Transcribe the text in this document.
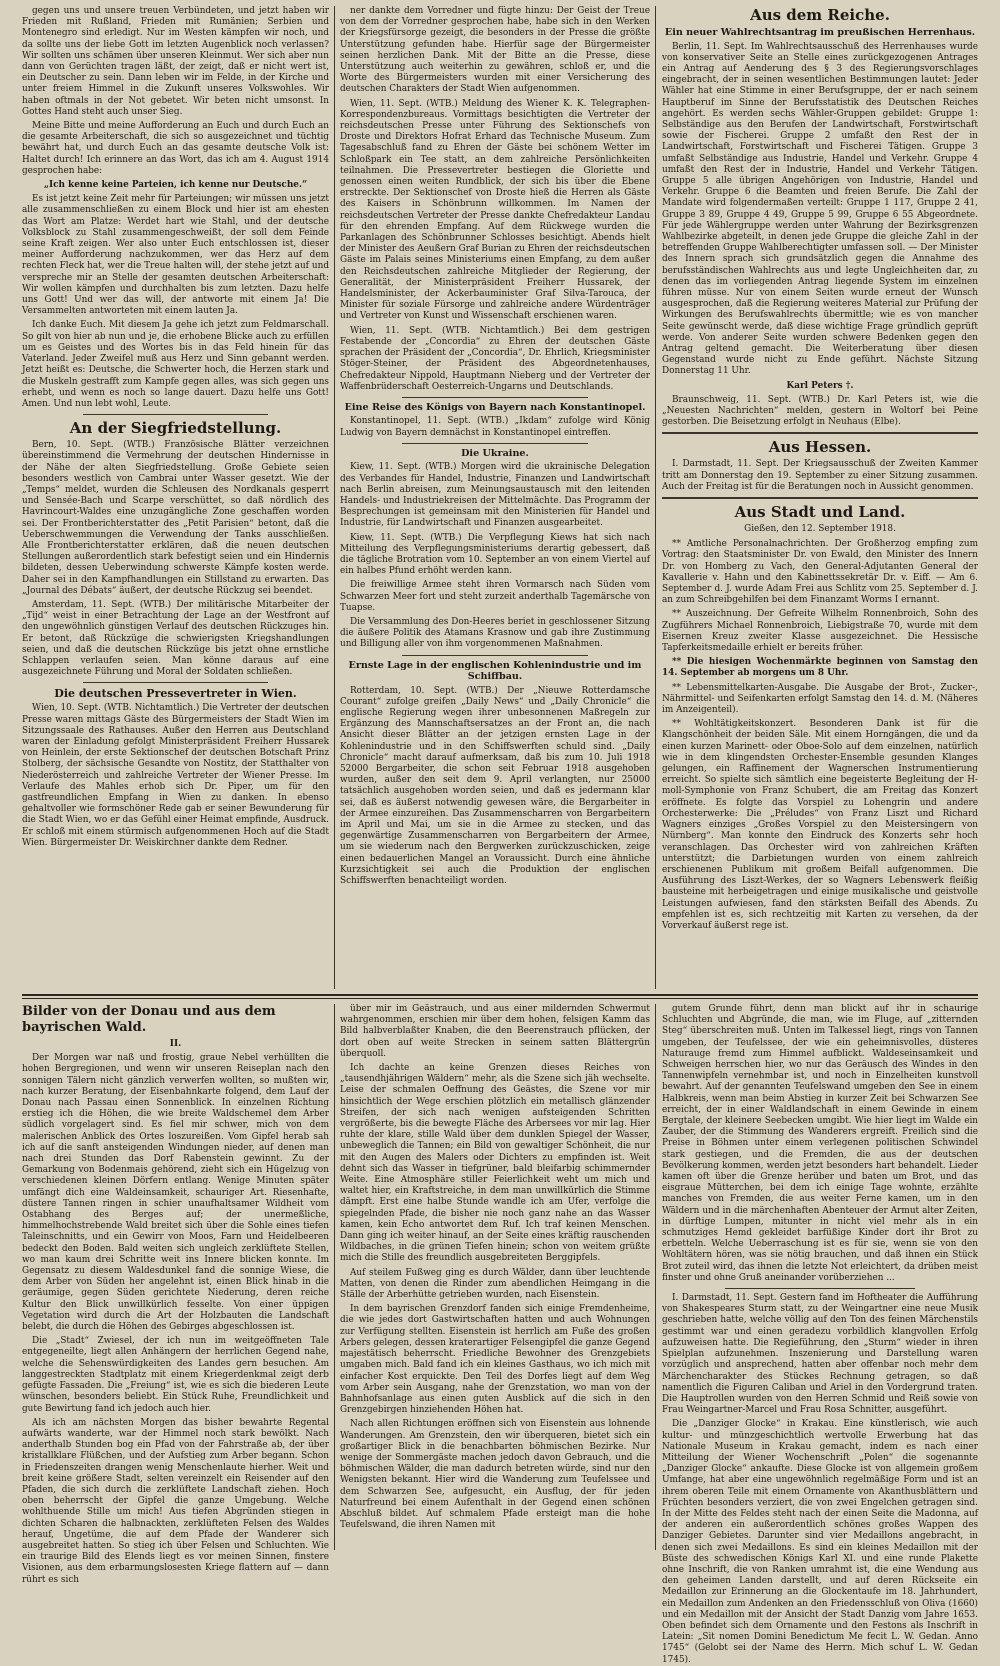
gegen uns und unsere treuen Verbündeten, und jetzt haben wir Frieden mit Rußland, Frieden mit Rumänien; Serbien und Montenegro sind erledigt. Nur im Westen kämpfen wir noch, und da sollte uns der liebe Gott im letzten Augenblick noch verlassen? Wir sollten uns schämen über unseren Kleinmut. Wer sich aber nun dann von Gerüchten tragen läßt, der zeigt, daß er nicht wert ist, ein Deutscher zu sein. Dann leben wir im Felde, in der Kirche und unter freiem Himmel in die Zukunft unseres Volkswohles. Wir haben oftmals in der Not gebetet. Wir beten nicht umsonst. In Gottes Hand steht auch unser Sieg.

Meine Bitte und meine Aufforderung an Euch und durch Euch an die gesamte Arbeiterschaft, die sich so ausgezeichnet und tüchtig bewährt hat, und durch Euch an das gesamte deutsche Volk ist: Haltet durch! Ich erinnere an das Wort, das ich am 4. August 1914 gesprochen habe:

„Ich kenne keine Parteien, ich kenne nur Deutsche.“

Es ist jetzt keine Zeit mehr für Parteiungen; wir müssen uns jetzt alle zusammenschließen zu einem Block und hier ist am ehesten das Wort am Platze: Werdet hart wie Stahl, und der deutsche Volksblock zu Stahl zusammengeschweißt, der soll dem Feinde seine Kraft zeigen. Wer also unter Euch entschlossen ist, dieser meiner Aufforderung nachzukommen, wer das Herz auf dem rechten Fleck hat, wer die Treue halten will, der stehe jetzt auf und verspreche mir an Stelle der gesamten deutschen Arbeiterschaft: Wir wollen kämpfen und durchhalten bis zum letzten. Dazu helfe uns Gott! Und wer das will, der antworte mit einem Ja! Die Versammelten antworteten mit einem lauten Ja.

Ich danke Euch. Mit diesem Ja gehe ich jetzt zum Feldmarschall. So gilt von hier ab nun und je, die erhobene Blicke auch zu erfüllen um es Geistes und des Wortes bis in das Feld hinein für das Vaterland. Jeder Zweifel muß aus Herz und Sinn gebannt werden. Jetzt heißt es: Deutsche, die Schwerter hoch, die Herzen stark und die Muskeln gestrafft zum Kampfe gegen alles, was sich gegen uns erhebt, und wenn es noch so lange dauert. Dazu helfe uns Gott! Amen. Und nun lebt wohl, Leute.

An der Siegfriedstellung.

Bern, 10. Sept. (WTB.) Französische Blätter verzeichnen übereinstimmend die Vermehrung der deutschen Hindernisse in der Nähe der alten Siegfriedstellung. Große Gebiete seien besonders westlich von Cambrai unter Wasser gesetzt. Wie der „Temps“ meldet, wurden die Schleusen des Nordkanals gesperrt und Sensée-Bach und Scarpe verschüttet, so daß nördlich des Havrincourt-Waldes eine unzugängliche Zone geschaffen worden sei. Der Frontberichterstatter des „Petit Parisien“ betont, daß die Ueberschwemmungen die Verwendung der Tanks ausschließen. Alle Frontberichterstatter erklären, daß die neuen deutschen Stellungen außerordentlich stark befestigt seien und ein Hindernis bildeten, dessen Ueberwindung schwerste Kämpfe kosten werde. Daher sei in den Kampfhandlungen ein Stillstand zu erwarten. Das „Journal des Débats“ äußert, der deutsche Rückzug sei beendet.

Amsterdam, 11. Sept. (WTB.) Der militärische Mitarbeiter der „Tijd“ weist in einer Betrachtung der Lage an der Westfront auf den ungewöhnlich günstigen Verlauf des deutschen Rückzuges hin. Er betont, daß Rückzüge die schwierigsten Kriegshandlungen seien, und daß die deutschen Rückzüge bis jetzt ohne ernstliche Schlappen verlaufen seien. Man könne daraus auf eine ausgezeichnete Führung und Moral der Soldaten schließen.

Die deutschen Pressevertreter in Wien.

Wien, 10. Sept. (WTB. Nichtamtlich.) Die Vertreter der deutschen Presse waren mittags Gäste des Bürgermeisters der Stadt Wien im Sitzungssaale des Rathauses. Außer den Herren aus Deutschland waren der Einladung gefolgt Ministerpräsident Freiherr Hussarek von Heinlein, der erste Sektionschef der deutschen Botschaft Prinz Stolberg, der sächsische Gesandte von Nostitz, der Statthalter von Niederösterreich und zahlreiche Vertreter der Wiener Presse. Im Verlaufe des Mahles erhob sich Dr. Piper, um für den gastfreundlichen Empfang in Wien zu danken. In ebenso gehaltvoller wie formschöner Rede gab er seiner Bewunderung für die Stadt Wien, wo er das Gefühl einer Heimat empfinde, Ausdruck. Er schloß mit einem stürmisch aufgenommenen Hoch auf die Stadt Wien. Bürgermeister Dr. Weiskirchner dankte dem Redner.

ner dankte dem Vorredner und fügte hinzu: Der Geist der Treue von dem der Vorredner gesprochen habe, habe sich in den Werken der Kriegsfürsorge gezeigt, die besonders in der Presse die größte Unterstützung gefunden habe. Hierfür sage der Bürgermeister seinen herzlichen Dank. Mit der Bitte an die Presse, diese Unterstützung auch weiterhin zu gewähren, schloß er, und die Worte des Bürgermeisters wurden mit einer Versicherung des deutschen Charakters der Stadt Wien aufgenommen.

Wien, 11. Sept. (WTB.) Meldung des Wiener K. K. Telegraphen-Korrespondenzbureaus. Vormittags besichtigten die Vertreter der reichsdeutschen Presse unter Führung des Sektionschefs von Droste und Direktors Hofrat Erhard das Technische Museum. Zum Tagesabschluß fand zu Ehren der Gäste bei schönem Wetter im Schloßpark ein Tee statt, an dem zahlreiche Persönlichkeiten teilnahmen. Die Pressevertreter bestiegen die Gloriette und genossen einen weiten Rundblick, der sich bis über die Ebene erstreckte. Der Sektionschef von Droste hieß die Herren als Gäste des Kaisers in Schönbrunn willkommen. Im Namen der reichsdeutschen Vertreter der Presse dankte Chefredakteur Landau für den ehrenden Empfang. Auf dem Rückwege wurden die Parkanlagen des Schönbrunner Schlosses besichtigt. Abends hielt der Minister des Aeußern Graf Burian zu Ehren der reichsdeutschen Gäste im Palais seines Ministeriums einen Empfang, zu dem außer den Reichsdeutschen zahlreiche Mitglieder der Regierung, der Generalität, der Ministerpräsident Freiherr Hussarek, der Handelsminister, der Ackerbauminister Graf Silva-Tarouca, der Minister für soziale Fürsorge und zahlreiche andere Würdenträger und Vertreter von Kunst und Wissenschaft erschienen waren.

Wien, 11. Sept. (WTB. Nichtamtlich.) Bei dem gestrigen Festabende der „Concordia“ zu Ehren der deutschen Gäste sprachen der Präsident der „Concordia“, Dr. Ehrlich, Kriegsminister Stöger-Steiner, der Präsident des Abgeordnetenhauses, Chefredakteur Nippold, Hauptmann Nieberg und der Vertreter der Waffenbrüderschaft Oesterreich-Ungarns und Deutschlands.

Eine Reise des Königs von Bayern nach Konstantinopel.

Konstantinopel, 11. Sept. (WTB.) „Ikdam“ zufolge wird König Ludwig von Bayern demnächst in Konstantinopel eintreffen.

Die Ukraine.

Kiew, 11. Sept. (WTB.) Morgen wird die ukrainische Delegation des Verbandes für Handel, Industrie, Finanzen und Landwirtschaft nach Berlin abreisen, zum Meinungsaustausch mit den leitenden Handels- und Industriekreisen der Mittelmächte. Das Programm der Besprechungen ist gemeinsam mit den Ministerien für Handel und Industrie, für Landwirtschaft und Finanzen ausgearbeitet.

Kiew, 11. Sept. (WTB.) Die Verpflegung Kiews hat sich nach Mitteilung des Verpflegungsministeriums derartig gebessert, daß die tägliche Brotration vom 10. September an von einem Viertel auf ein halbes Pfund erhöht werden kann.

Die freiwillige Armee steht ihren Vormarsch nach Süden vom Schwarzen Meer fort und steht zurzeit anderthalb Tagemärsche von Tuapse.

Die Versammlung des Don-Heeres beriet in geschlossener Sitzung die äußere Politik des Atamans Krasnow und gab ihre Zustimmung und Billigung aller von ihm vorgenommenen Maßnahmen.

Ernste Lage in der englischen Kohlenindustrie und im Schiffbau.

Rotterdam, 10. Sept. (WTB.) Der „Nieuwe Rotterdamsche Courant“ zufolge greifen „Daily News“ und „Daily Chronicle“ die englische Regierung wegen ihrer unbesonnenen Maßregeln zur Ergänzung des Mannschaftsersatzes an der Front an, die nach Ansicht dieser Blätter an der jetzigen ernsten Lage in der Kohlenindustrie und in den Schiffswerften schuld sind. „Daily Chronicle“ macht darauf aufmerksam, daß bis zum 10. Juli 1918 52000 Bergarbeiter, die schon seit Februar 1918 ausgehoben wurden, außer den seit dem 9. April verlangten, nur 25000 tatsächlich ausgehoben worden seien, und daß es jedermann klar sei, daß es äußerst notwendig gewesen wäre, die Bergarbeiter in der Armee einzureihen. Das Zusammenscharren von Bergarbeitern im April und Mai, um sie in die Armee zu stecken, und das gegenwärtige Zusammenscharren von Bergarbeitern der Armee, um sie wiederum nach den Bergwerken zurückzuschicken, zeige einen bedauerlichen Mangel an Voraussicht. Durch eine ähnliche Kurzsichtigkeit sei auch die Produktion der englischen Schiffswerften benachteiligt worden.

Aus dem Reiche.

Ein neuer Wahlrechtsantrag im preußischen Herrenhaus.

Berlin, 11. Sept. Im Wahlrechtsausschuß des Herrenhauses wurde von konservativer Seite an Stelle eines zurückgezogenen Antrages ein Antrag auf Aenderung des § 3 des Regierungsvorschlages eingebracht, der in seinen wesentlichen Bestimmungen lautet: Jeder Wähler hat eine Stimme in einer Berufsgruppe, der er nach seinem Hauptberuf im Sinne der Berufsstatistik des Deutschen Reiches angehört. Es werden sechs Wähler-Gruppen gebildet: Gruppe 1: Selbständige aus den Berufen der Landwirtschaft, Forstwirtschaft sowie der Fischerei. Gruppe 2 umfaßt den Rest der in Landwirtschaft, Forstwirtschaft und Fischerei Tätigen. Gruppe 3 umfaßt Selbständige aus Industrie, Handel und Verkehr. Gruppe 4 umfaßt den Rest der in Industrie, Handel und Verkehr Tätigen. Gruppe 5 alle übrigen Angehörigen von Industrie, Handel und Verkehr. Gruppe 6 die Beamten und freien Berufe. Die Zahl der Mandate wird folgendermaßen verteilt: Gruppe 1 117, Gruppe 2 41, Gruppe 3 89, Gruppe 4 49, Gruppe 5 99, Gruppe 6 55 Abgeordnete. Für jede Wählergruppe werden unter Wahrung der Bezirksgrenzen Wahlbezirke abgeteilt, in denen jede Gruppe die gleiche Zahl in der betreffenden Gruppe Wahlberechtigter umfassen soll. — Der Minister des Innern sprach sich grundsätzlich gegen die Annahme des berufsständischen Wahlrechts aus und legte Ungleichheiten dar, zu denen das im vorliegenden Antrag liegende System im einzelnen führen müsse. Nur von einem Seiten wurde erneut der Wunsch ausgesprochen, daß die Regierung weiteres Material zur Prüfung der Wirkungen des Berufswahlrechts übermittle; wie es von mancher Seite gewünscht werde, daß diese wichtige Frage gründlich geprüft werde. Von anderer Seite wurden schwere Bedenken gegen den Antrag geltend gemacht. Die Weiterberatung über diesen Gegenstand wurde nicht zu Ende geführt. Nächste Sitzung Donnerstag 11 Uhr.

Karl Peters †.

Braunschweig, 11. Sept. (WTB.) Dr. Karl Peters ist, wie die „Neuesten Nachrichten“ melden, gestern in Woltorf bei Peine gestorben. Die Beisetzung erfolgt in Neuhaus (Elbe).

Aus Hessen.

I. Darmstadt, 11. Sept. Der Kriegsausschuß der Zweiten Kammer tritt am Donnerstag den 19. September zu einer Sitzung zusammen. Auch der Freitag ist für die Beratungen noch in Aussicht genommen.

Aus Stadt und Land.

Gießen, den 12. September 1918.

** Amtliche Personalnachrichten. Der Großherzog empfing zum Vortrag: den Staatsminister Dr. von Ewald, den Minister des Innern Dr. von Homberg zu Vach, den General-Adjutanten General der Kavallerie v. Hahn und den Kabinettssekretär Dr. v. Eiff. — Am 6. September d. J. wurde Adam Frei aus Schlitz vom 25. September d. J. an zum Schreibgehilfen bei dem Finanzamt Worms I ernannt.

** Auszeichnung. Der Gefreite Wilhelm Ronnenbroich, Sohn des Zugführers Michael Ronnenbroich, Liebigstraße 70, wurde mit dem Eisernen Kreuz zweiter Klasse ausgezeichnet. Die Hessische Tapferkeitsmedaille erhielt er bereits früher.

** Die hiesigen Wochenmärkte beginnen von Samstag den 14. September ab morgens um 8 Uhr.

** Lebensmittelkarten-Ausgabe. Die Ausgabe der Brot-, Zucker-, Nährmittel- und Seifenkarten erfolgt Samstag den 14. d. M. (Näheres im Anzeigenteil).

** Wohltätigkeitskonzert. Besonderen Dank ist für die Klangschönheit der beiden Säle. Mit einem Horngängen, die und da einen kurzen Marinett- oder Oboe-Solo auf dem einzelnen, natürlich wie in dem klingendsten Orchester-Ensemble gesunden Klanges gelungen, ein Raffinement der Wagnerschen Instrumentierung erreicht. So spielte sich sämtlich eine begeisterte Begleitung der H-moll-Symphonie von Franz Schubert, die am Freitag das Konzert eröffnete. Es folgte das Vorspiel zu Lohengrin und andere Orchesterwerke: Die „Préludes“ von Franz Liszt und Richard Wagners einziges „Großes Vorspiel zu den Meistersingern von Nürnberg“. Man konnte den Eindruck des Konzerts sehr hoch veranschlagen. Das Orchester wird von zahlreichen Kräften unterstützt; die Darbietungen wurden von einem zahlreich erschienenen Publikum mit großem Beifall aufgenommen. Die Ausführung des Liszt-Werkes, der so Wagners Lebenswerk fleißig bausteine mit herbeigetragen und einige musikalische und geistvolle Leistungen aufwiesen, fand den stärksten Beifall des Abends. Zu empfehlen ist es, sich rechtzeitig mit Karten zu versehen, da der Vorverkauf äußerst rege ist.

Bilder von der Donau und aus dem bayrischen Wald.

II.

Der Morgen war naß und frostig, graue Nebel verhüllten die hohen Bergregionen, und wenn wir unseren Reiseplan nach den sonnigen Tälern nicht gänzlich verwerfen wollten, so mußten wir, nach kurzer Beratung, der Eisenbahnkarte folgend, dem Lauf der Donau nach Passau einen Sonnenblick. In einzelnen Richtung erstieg ich die Höhen, die wie breite Waldschemel dem Arber südlich vorgelagert sind. Es fiel mir schwer, mich von dem malerischen Anblick des Ortes loszureißen. Vom Gipfel herab sah ich auf die sanft ansteigenden Windungen nieder, auf denen man nach drei Stunden das Dorf Rabenstein gewinnt. Zu der Gemarkung von Bodenmais gehörend, zieht sich ein Hügelzug von verschiedenen kleinen Dörfern entlang. Wenige Minuten später umfängt dich eine Waldeinsamkeit, schauriger Art. Riesenhafte, düstere Tannen ringen in schier unaufhaltsamer Wildheit vom Ostabhang des Berges auf; der unermeßliche, himmelhochstrebende Wald breitet sich über die Sohle eines tiefen Taleinschnitts, und ein Gewirr von Moos, Farn und Heidelbeeren bedeckt den Boden. Bald weiten sich ungleich zerklüftete Stellen, wo man kaum drei Schritte weit ins Innere blicken konnte. Im Gegensatz zu diesem Waldesdunkel fand die sonnige Wiese, die dem Arber von Süden her angelehnt ist, einen Blick hinab in die geräumige, gegen Süden gerichtete Niederung, deren reiche Kultur den Blick unwillkürlich fesselte. Von einer üppigen Vegetation wird durch die Art der Holzbauten die Landschaft belebt, die durch die Höhen des Gebirges abgeschlossen ist.

Die „Stadt“ Zwiesel, der ich nun im weitgeöffneten Tale entgegeneilte, liegt allen Anhängern der herrlichen Gegend nahe, welche die Sehenswürdigkeiten des Landes gern besuchen. Am langgestreckten Stadtplatz mit einem Kriegerdenkmal zeigt derb gefügte Fassaden. Die „Freiung“ ist, wie es sich die biederen Leute wünschen, besonders beliebt. Ein Stück Ruhe, Freundlichkeit und gute Bewirtung fand ich jedoch auch hier.

Als ich am nächsten Morgen das bisher bewahrte Regental aufwärts wanderte, war der Himmel noch stark bewölkt. Nach anderthalb Stunden bog ein Pfad von der Fahrstraße ab, der über kristallklare Flüßchen, und der Aufstieg zum Arber begann. Schon in Friedenszeiten drangen wenig Menschenlaute hierher. Weit und breit keine größere Stadt, selten vereinzelt ein Reisender auf den Pfaden, die sich durch die zerklüftete Landschaft ziehen. Hoch oben beherrscht der Gipfel die ganze Umgebung. Welche wohlthuende Stille um mich! Aus tiefen Abgründen stiegen in dichten Scharen die halbnackten, zerklüfteten Felsen des Waldes herauf, Ungetüme, die auf dem Pfade der Wanderer sich ausgebreitet hatten. So stieg ich über Felsen und Schluchten. Wie ein traurige Bild des Elends liegt es vor meinen Sinnen, finstere Visionen, aus dem erbarmungslosesten Kriege flattern auf — dann rührt es sich

über mir im Geästrauch, und aus einer mildernden Schwermut wahrgenommen, erschien mir über dem hohen, felsigen Kamm das Bild halbverblaßter Knaben, die den Beerenstrauch pflücken, der dort oben auf weite Strecken in seinem satten Blättergrün überquoll.

Ich dachte an keine Grenzen dieses Reiches von „tausendhjährigen Wäldern“ mehr, als die Szene sich jäh wechselte. Leise der schmalen Oeffnung des Geästes, die Szene vor mir hinsichtlich der Wege erschien plötzlich ein metallisch glänzender Streifen, der sich nach wenigen aufsteigenden Schritten vergrößerte, bis die bewegte Fläche des Arbersees vor mir lag. Hier ruhte der klare, stille Wald über dem dunklen Spiegel der Wasser, unbeweglich die Tannen; ein Bild von gewaltiger Schönheit, die nur mit den Augen des Malers oder Dichters zu empfinden ist. Weit dehnt sich das Wasser in tiefgrüner, bald bleifarbig schimmernder Weite. Eine Atmosphäre stiller Feierlichkeit weht um mich und waltet hier, ein Kraftstreiche, in dem man unwillkürlich die Stimme dämpft. Erst eine halbe Stunde wandle ich am Ufer, verfolge die spiegelnden Pfade, die bisher nie noch ganz nahe an das Wasser kamen, kein Echo antwortet dem Ruf. Ich traf keinen Menschen. Dann ging ich weiter hinauf, an der Seite eines kräftig rauschenden Wildbaches, in die grünen Tiefen hinein; schon von weitem grüßte mich die Stille des freundlich ausgebreiteten Berggipfels.

Auf steilem Fußweg ging es durch Wälder, dann über leuchtende Matten, von denen die Rinder zum abendlichen Heimgang in die Ställe der Arberhütte getrieben wurden, nach Eisenstein.

In dem bayrischen Grenzdorf fanden sich einige Fremdenheime, die wie jedes dort Gastwirtschaften hatten und auch Wohnungen zur Verfügung stellten. Eisenstein ist herrlich am Fuße des großen Arbers gelegen, dessen kraterartiger Felsengipfel die ganze Gegend majestätisch beherrscht. Friedliche Bewohner des Grenzgebiets umgaben mich. Bald fand ich ein kleines Gasthaus, wo ich mich mit einfacher Kost erquickte. Den Teil des Dorfes liegt auf dem Weg vom Arber sein Ausgang, nahe der Grenzstation, wo man von der Bahnhofsanlage aus einen guten Ausblick auf die sich in den Grenzgebirgen hinziehenden Höhen hat.

Nach allen Richtungen eröffnen sich von Eisenstein aus lohnende Wanderungen. Am Grenzstein, den wir überqueren, bietet sich ein großartiger Blick in die benachbarten böhmischen Bezirke. Nur wenige der Sommergäste machen jedoch davon Gebrauch, und die böhmischen Wälder, die man dadurch betreten würde, sind nur den Wenigsten bekannt. Hier wird die Wanderung zum Teufelssee und dem Schwarzen See, aufgesucht, ein Ausflug, der für jeden Naturfreund bei einem Aufenthalt in der Gegend einen schönen Abschluß bildet. Auf schmalem Pfade ersteigt man die hohe Teufelswand, die ihren Namen mit

gutem Grunde führt, denn man blickt auf ihr in schaurige Schluchten und Abgründe, die man, wie im Fluge, auf „zitternden Steg“ überschreiten muß. Unten im Talkessel liegt, rings von Tannen umgeben, der Teufelssee, der wie ein geheimnisvolles, düsteres Naturauge fremd zum Himmel aufblickt. Waldeseinsamkeit und Schweigen herrschen hier, wo nur das Geräusch des Windes in den Tannenwipfeln vernehmbar ist, und noch in Einzelheiten kunstvoll bewahrt. Auf der genannten Teufelswand umgeben den See in einem Halbkreis, wenn man beim Abstieg in kurzer Zeit bei Schwarzen See erreicht, der in einer Waldlandschaft in einem Gewinde in einem Bergtale, der kleinere Seebecken umgibt. Wie hier liegt im Walde ein Zauber, der die Stimmung des Wanderers ergreift. Freilich sind die Preise in Böhmen unter einem verlegenen politischen Schwindel stark gestiegen, und die Fremden, die aus der deutschen Bevölkerung kommen, werden jetzt besonders hart behandelt. Lieder kamen oft über die Grenze herüber und baten um Brot, und das eisgraue Mütterchen, bei dem ich einige Tage wohnte, erzählte manches von Fremden, die aus weiter Ferne kamen, um in den Wäldern und in die märchenhaften Abenteuer der Armut alter Zeiten, in dürftige Lumpen, mitunter in nicht viel mehr als in ein schmutziges Hemd gekleidet barfüßige Kinder dort ihr Brot zu erbetteln. Welche Ueberraschung ist es für sie, wenn sie von den Wohltätern hören, was sie nötig brauchen, und daß ihnen ein Stück Brot zuteil wird, das ihnen die letzte Not erleichtert, da drüben meist finster und ohne Gruß aneinander vorüberziehen ...

I. Darmstadt, 11. Sept. Gestern fand im Hoftheater die Aufführung von Shakespeares Sturm statt, zu der Weingartner eine neue Musik geschrieben hatte, welche völlig auf den Ton des feinen Märchenstils gestimmt war und einen geradezu vorbildlich klangvollen Erfolg aufzuweisen hatte. Die Regieführung, den „Sturm“ wieder in ihren Spielplan aufzunehmen. Inszenierung und Darstellung waren vorzüglich und ansprechend, hatten aber offenbar noch mehr dem Märchencharakter des Stückes Rechnung getragen, so daß namentlich die Figuren Caliban und Ariel in den Vordergrund traten. Die Hauptrollen wurden von den Herren Schmid und Reiß sowie von Frau Weingartner-Marcel und Frau Rosa Schnitter, ausgeführt.

Die „Danziger Glocke“ in Krakau. Eine künstlerisch, wie auch kultur- und münzgeschichtlich wertvolle Erwerbung hat das Nationale Museum in Krakau gemacht, indem es nach einer Mitteilung der Wiener Wochenschrift „Polen“ die sogenannte „Danziger Glocke“ ankaufte. Diese Glocke ist von allgemein großem Umfange, hat aber eine ungewöhnlich regelmäßige Form und ist an ihrem oberen Teile mit einem Ornamente von Akanthusblättern und Früchten besonders verziert, die von zwei Engelchen getragen sind. In der Mitte des Feldes steht nach der einen Seite die Madonna, auf der anderen ein außerordentlich schönes großes Wappen des Danziger Gebietes. Darunter sind vier Medaillons angebracht, in denen sich zwei Medaillons. Es sind ein kleines Medaillon mit der Büste des schwedischen Königs Karl XI. und eine runde Plakette ohne Inschrift, die von Ranken umrahmt ist, die eine Wendung aus den geheimen Landen darstellt, und auf deren Rückseite ein Medaillon zur Erinnerung an die Glockentaufe im 18. Jahrhundert, ein Medaillon zum Andenken an den Friedensschluß von Oliva (1660) und ein Medaillon mit der Ansicht der Stadt Danzig vom Jahre 1653. Oben befindet sich dem Ornamente und den Festons als Inschrift in Latein: „Sit nomen Domini Benedictum Me fecit L. W. Gedan. Anno 1745“ (Gelobt sei der Name des Herrn. Mich schuf L. W. Gedan 1745).
